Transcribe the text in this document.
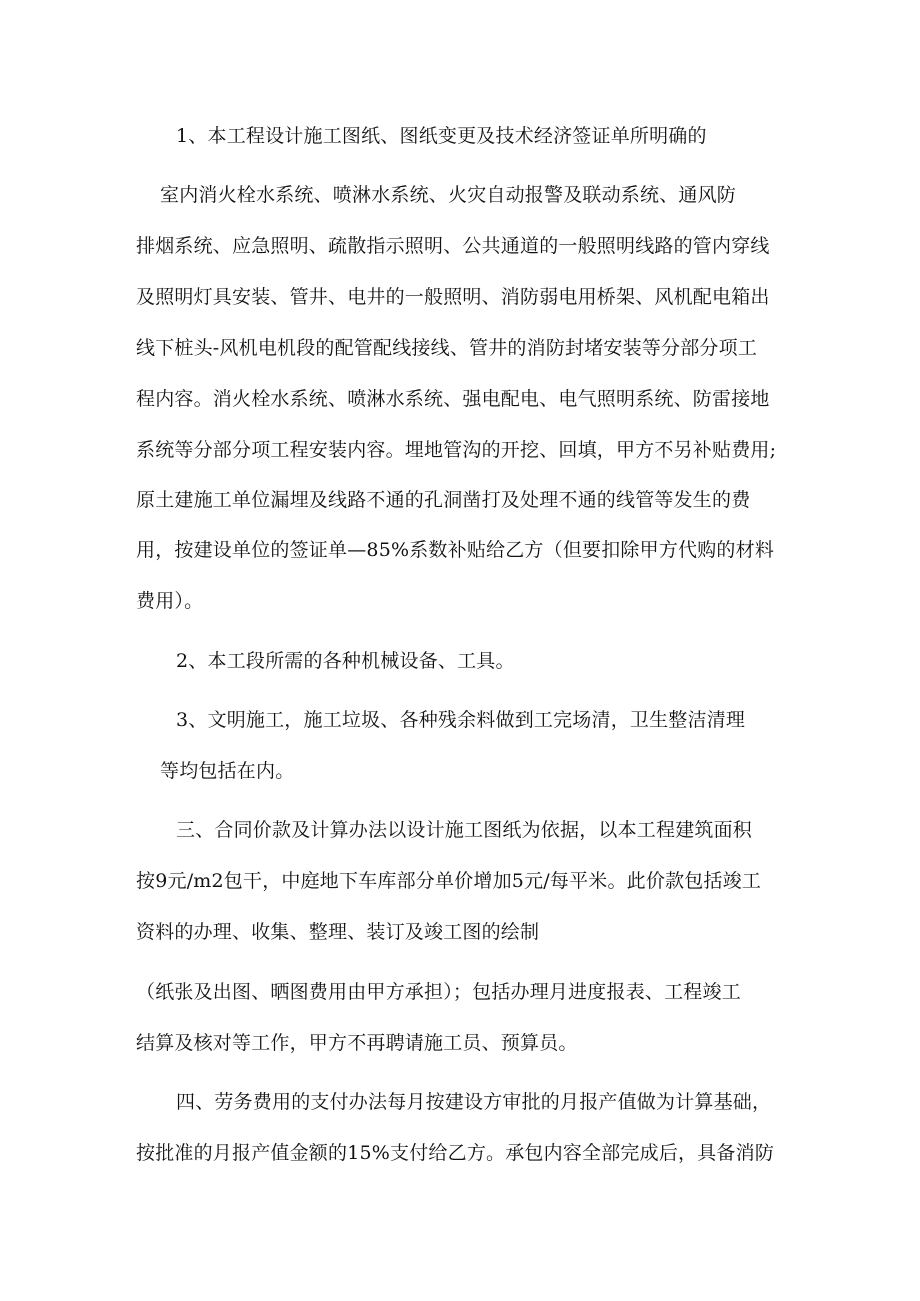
1、本工程设计施工图纸、图纸变更及技术经济签证单所明确的
室内消火栓水系统、喷淋水系统、火灾自动报警及联动系统、通风防
排烟系统、应急照明、疏散指示照明、公共通道的一般照明线路的管内穿线
及照明灯具安装、管井、电井的一般照明、消防弱电用桥架、风机配电箱出
线下桩头-风机电机段的配管配线接线、管井的消防封堵安装等分部分项工
程内容。消火栓水系统、喷淋水系统、强电配电、电气照明系统、防雷接地
系统等分部分项工程安装内容。埋地管沟的开挖、回填，甲方不另补贴费用;
原土建施工单位漏埋及线路不通的孔洞凿打及处理不通的线管等发生的费
用，按建设单位的签证单—85%系数补贴给乙方（但要扣除甲方代购的材料
费用）。
2、本工段所需的各种机械设备、工具。
3、文明施工，施工垃圾、各种残余料做到工完场清，卫生整洁清理
等均包括在内。
三、合同价款及计算办法以设计施工图纸为依据，以本工程建筑面积
按9元/m2包干，中庭地下车库部分单价增加5元/每平米。此价款包括竣工
资料的办理、收集、整理、装订及竣工图的绘制
（纸张及出图、晒图费用由甲方承担）；包括办理月进度报表、工程竣工
结算及核对等工作，甲方不再聘请施工员、预算员。
四、劳务费用的支付办法每月按建设方审批的月报产值做为计算基础，
按批准的月报产值金额的15%支付给乙方。承包内容全部完成后，具备消防
